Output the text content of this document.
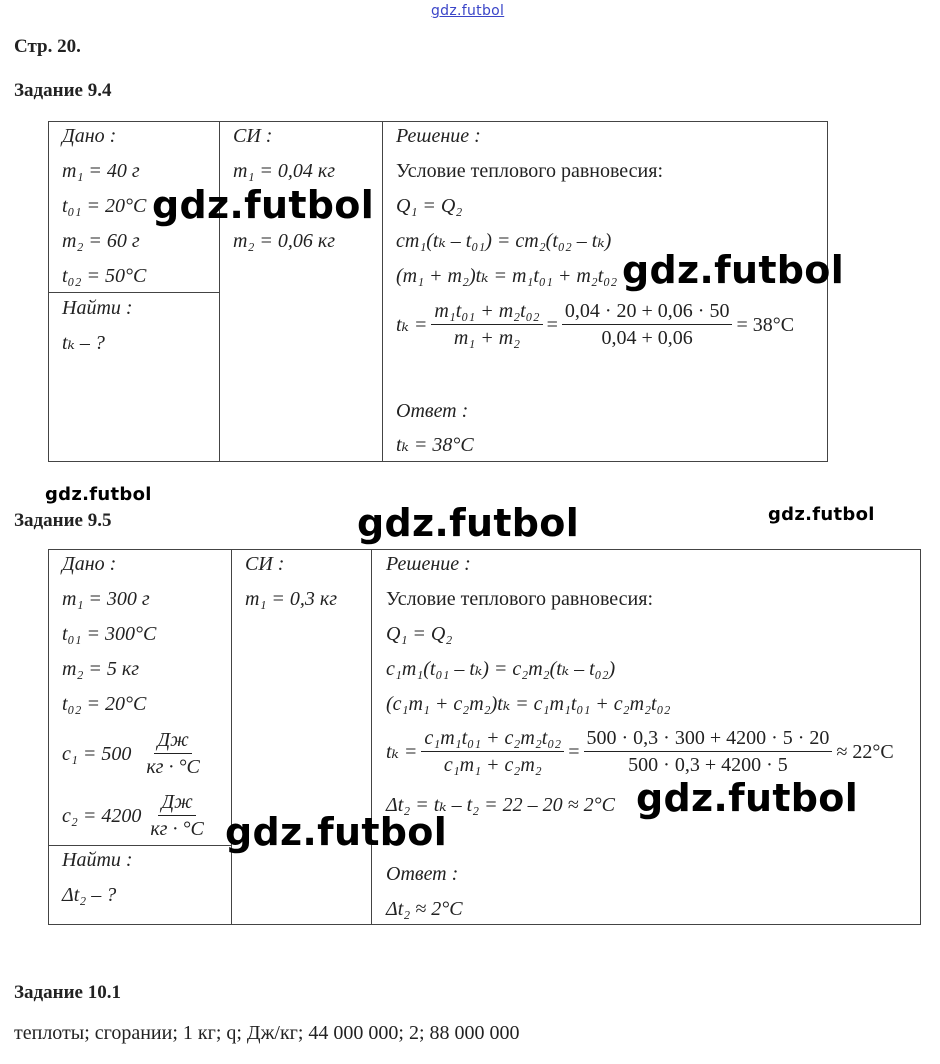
gdz.futbol
Стр. 20.
Задание 9.4
Дано :
m₁ = 40 г
t₀₁ = 20°C
m₂ = 60 г
t₀₂ = 50°C
Найти :
tₖ – ?
СИ :
m₁ = 0,04 кг
m₂ = 0,06 кг
Решение :
Условие теплового равновесия:
Q₁ = Q₂
cm₁(tₖ – t₀₁) = cm₂(t₀₂ – tₖ)
(m₁ + m₂)tₖ = m₁t₀₁ + m₂t₀₂
$t_k = \frac{\text{m₁t₀₁ + m₂t₀₂}}{\text{m₁ + m₂}} = \frac{0,04 \cdot 20 + 0,06 \cdot 50}{0,04 + 0,06} = 38^\circ C$
Ответ :
tₖ = 38°C
gdz.futbol
gdz.futbol
gdz.futbol
Задание 9.5	gdz.futbol	gdz.futbol
Дано :
m₁ = 300 г
t₀₁ = 300°C
m₂ = 5 кг
t₀₂ = 20°C
$c_1 = 500 \frac{Дж}{кг \cdot ^\circ C}$
$c_2 = 4200 \frac{Дж}{кг \cdot ^\circ C}$
Найти :
Δt₂ – ?
СИ :
m₁ = 0,3 кг
Решение :
Условие теплового равновесия:
Q₁ = Q₂
c₁m₁(t₀₁ – tₖ) = c₂m₂(tₖ – t₀₂)
(c₁m₁ + c₂m₂)tₖ = c₁m₁t₀₁ + c₂m₂t₀₂
$t_k = \frac{\text{c₁m₁t₀₁ + c₂m₂t₀₂}}{\text{c₁m₁ + c₂m₂}} = \frac{500 \cdot 0,3 \cdot 300 + 4200 \cdot 5 \cdot 20}{500 \cdot 0,3 + 4200 \cdot 5} \approx 22^\circ C$
Δt₂ = tₖ – t₂ = 22 – 20 ≈ 2°C
Ответ :
Δt₂ ≈ 2°C
gdz.futbol
gdz.futbol
Задание 10.1
теплоты; сгорании; 1 кг; q; Дж/кг; 44 000 000; 2; 88 000 000
